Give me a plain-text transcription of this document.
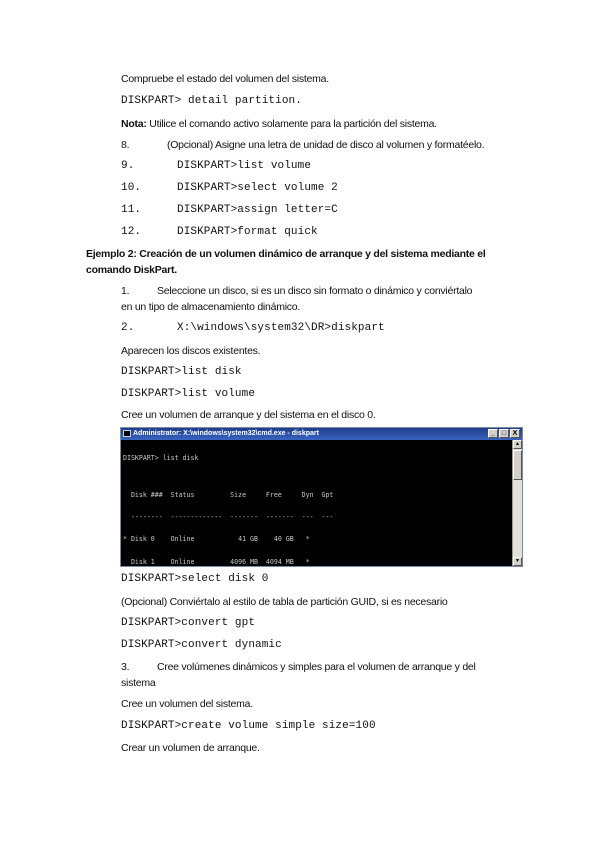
Compruebe el estado del volumen del sistema.
DISKPART> detail partition.
Nota: Utilice el comando activo solamente para la partición del sistema.
8.	(Opcional) Asigne una letra de unidad de disco al volumen y formatéelo.
9.	DISKPART>list volume
10.	DISKPART>select volume 2
11.	DISKPART>assign letter=C
12.	DISKPART>format quick
Ejemplo 2: Creación de un volumen dinámico de arranque y del sistema mediante el
comando DiskPart.
1.	Seleccione un disco, si es un disco sin formato o dinámico y conviértalo
en un tipo de almacenamiento dinámico.
2.	X:\windows\system32\DR>diskpart
Aparecen los discos existentes.
DISKPART>list disk
DISKPART>list volume
Cree un volumen de arranque y del sistema en el disco 0.
Administrator: X:\windows\system32\cmd.exe - diskpart	_ □ X

DISKPART> list disk

Disk ###  Status         Size     Free     Dyn  Gpt

--------  -------------  -------  -------  ---  ---

* Disk 0    Online           41 GB    40 GB   *

Disk 1    Online         4096 MB  4094 MB   *

▲
▼
DISKPART>select disk 0
(Opcional) Conviértalo al estilo de tabla de partición GUID, si es necesario
DISKPART>convert gpt
DISKPART>convert dynamic
3.	Cree volúmenes dinámicos y simples para el volumen de arranque y del
sistema
Cree un volumen del sistema.
DISKPART>create volume simple size=100
Crear un volumen de arranque.
